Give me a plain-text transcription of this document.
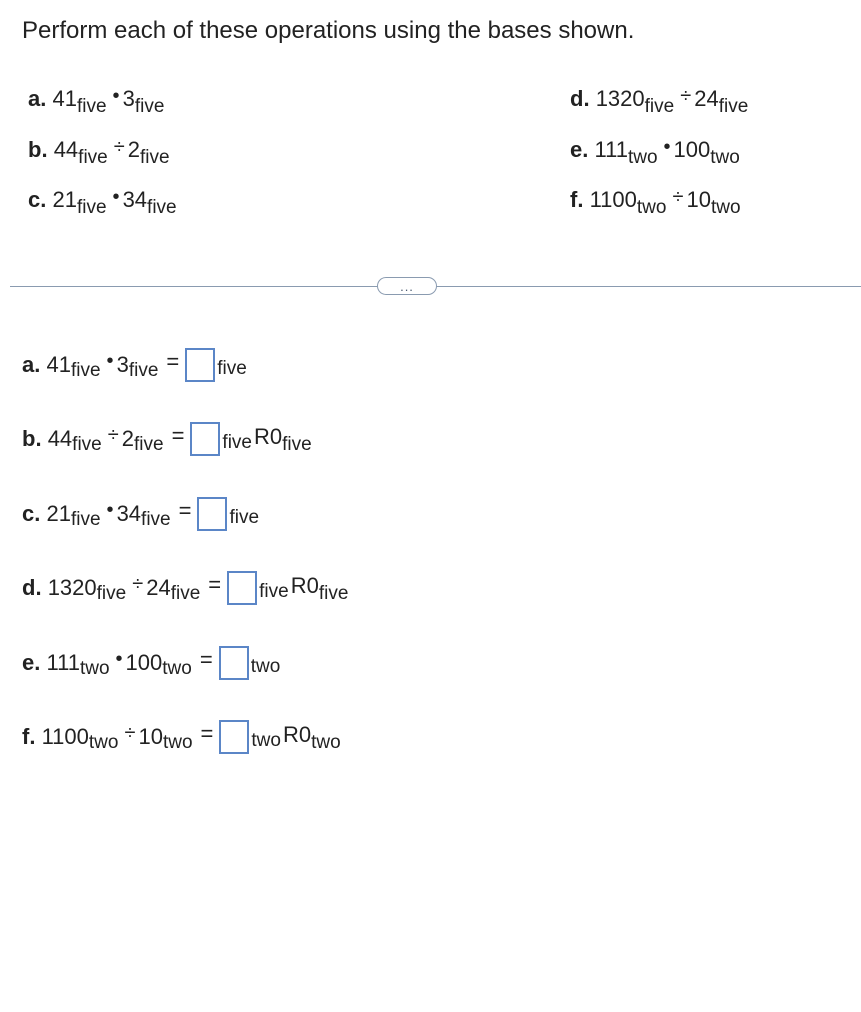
Perform each of these operations using the bases shown.
a. 41five • 3five
b. 44five ÷ 2five
c. 21five • 34five
d. 1320five ÷ 24five
e. 111two • 100two
f. 1100two ÷ 10two
...
a.
41 five • 3 five = five
b.
44 five ÷ 2 five = five R0 five
c.
21 five • 34 five = five
d.
1320 five ÷ 24 five = five R0 five
e.
111 two • 100 two = two
f.
1100 two ÷ 10 two = two R0 two
